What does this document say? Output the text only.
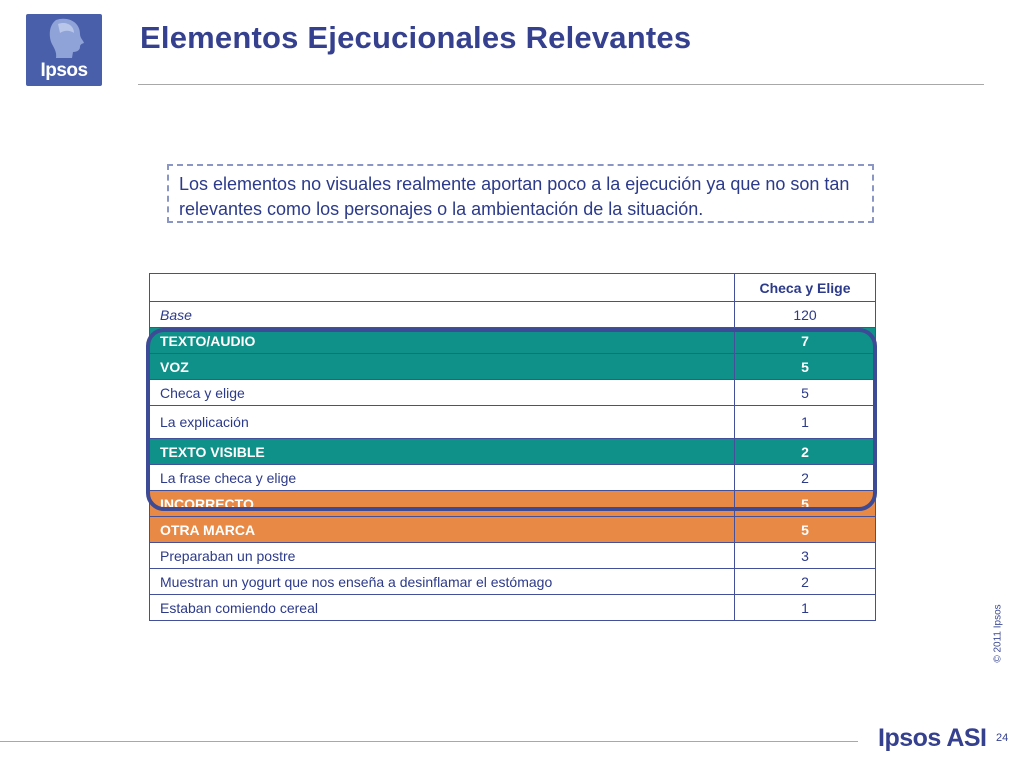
Ipsos
Elementos Ejecucionales Relevantes
Los elementos no visuales realmente aportan poco a la ejecución ya que no son tan relevantes como los personajes o la ambientación de la situación.
	Checa y Elige
Base	120
TEXTO/AUDIO	7
VOZ	5
Checa y elige	5
La explicación	1
TEXTO VISIBLE	2
La frase checa y elige	2
INCORRECTO	5
OTRA MARCA	5
Preparaban un postre	3
Muestran un yogurt que nos enseña a desinflamar el estómago	2
Estaban comiendo cereal	1	© 2011 Ipsos
Ipsos ASI 24
